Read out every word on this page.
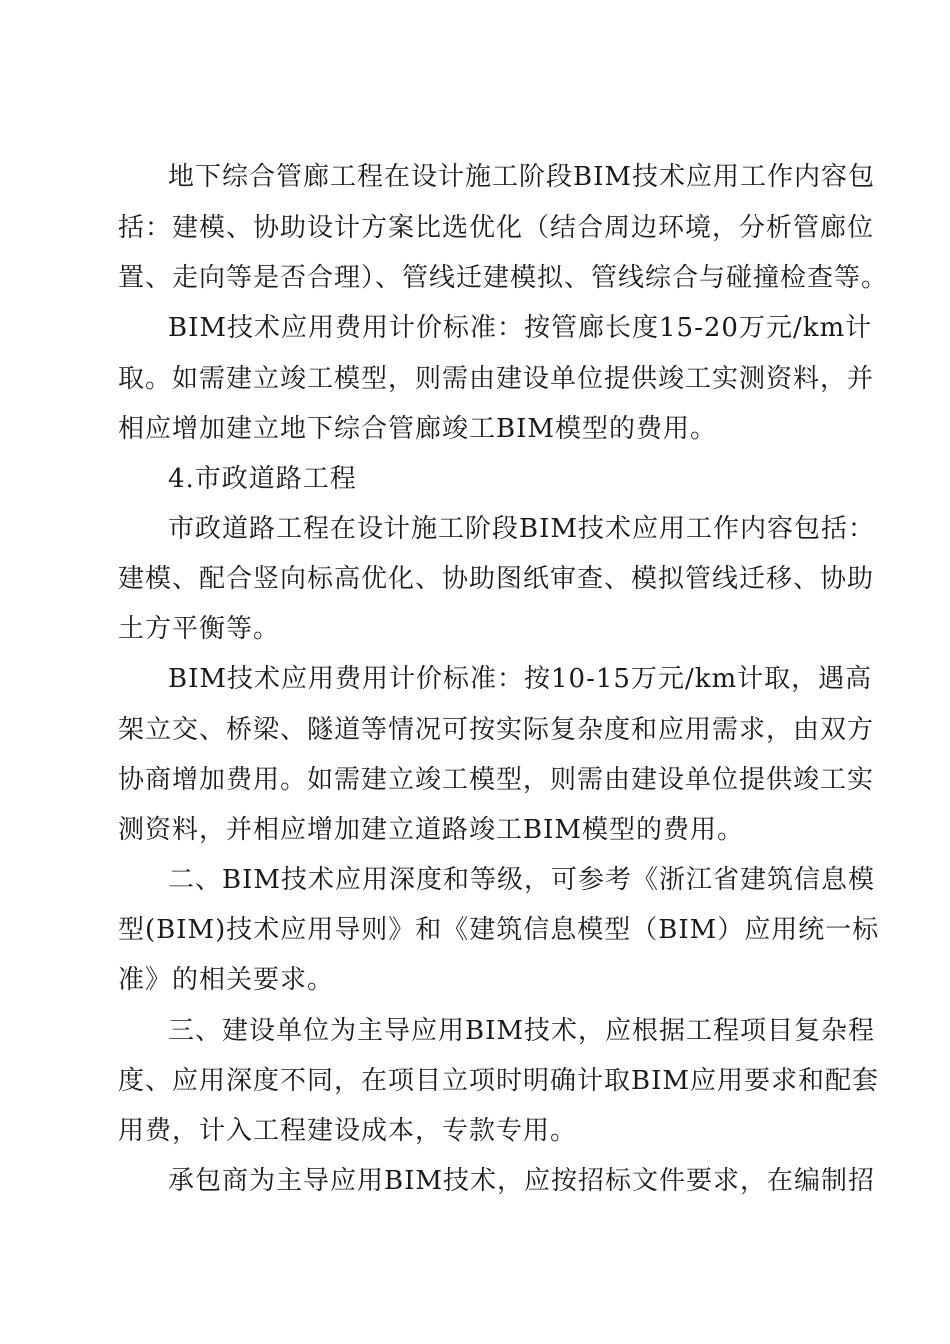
地下综合管廊工程在设计施工阶段BIM技术应用工作内容包
括：建模、协助设计方案比选优化（结合周边环境，分析管廊位
置、走向等是否合理）、管线迁建模拟、管线综合与碰撞检查等。
BIM技术应用费用计价标准：按管廊长度15-20万元/km计
取。如需建立竣工模型，则需由建设单位提供竣工实测资料，并
相应增加建立地下综合管廊竣工BIM模型的费用。
4.市政道路工程
市政道路工程在设计施工阶段BIM技术应用工作内容包括：
建模、配合竖向标高优化、协助图纸审查、模拟管线迁移、协助
土方平衡等。
BIM技术应用费用计价标准：按10-15万元/km计取，遇高
架立交、桥梁、隧道等情况可按实际复杂度和应用需求，由双方
协商增加费用。如需建立竣工模型，则需由建设单位提供竣工实
测资料，并相应增加建立道路竣工BIM模型的费用。
二、BIM技术应用深度和等级，可参考《浙江省建筑信息模
型(BIM)技术应用导则》和《建筑信息模型（BIM）应用统一标
准》的相关要求。
三、建设单位为主导应用BIM技术，应根据工程项目复杂程
度、应用深度不同，在项目立项时明确计取BIM应用要求和配套
用费，计入工程建设成本，专款专用。
承包商为主导应用BIM技术，应按招标文件要求，在编制招
